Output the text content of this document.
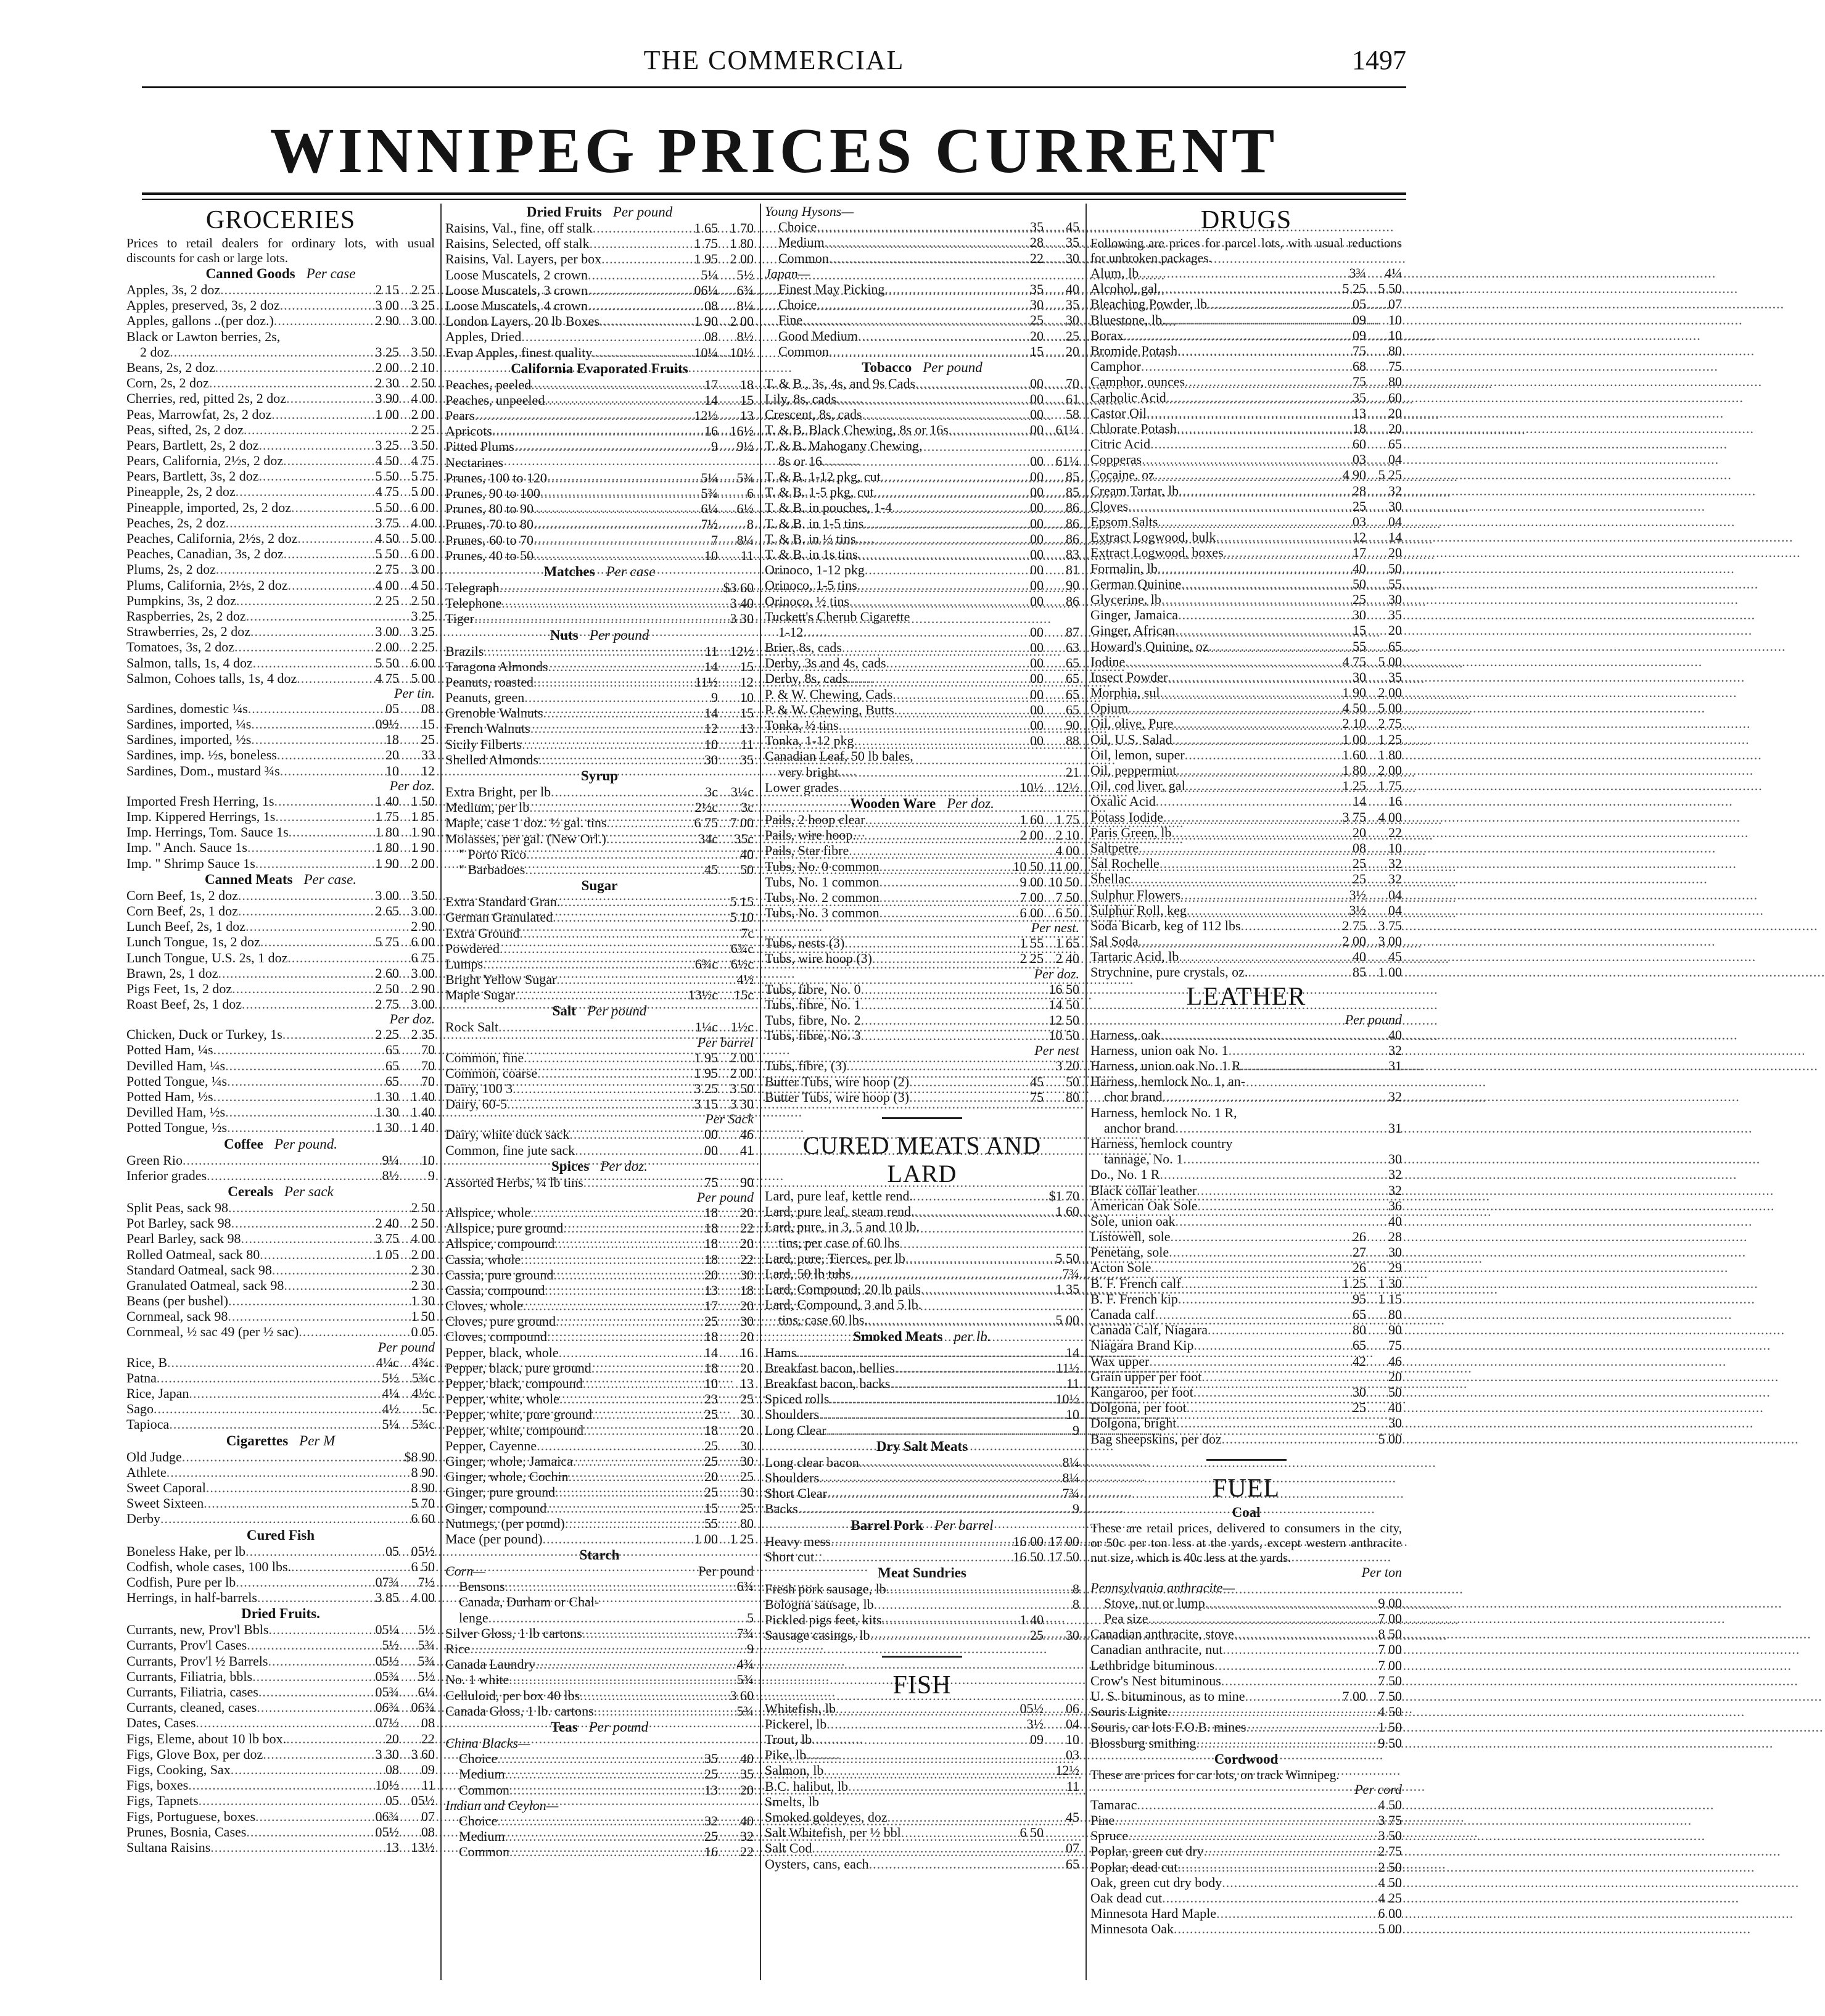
THE COMMERCIAL	1497
WINNIPEG PRICES CURRENT
GROCERIES
Prices to retail dealers for ordinary lots, with usual discounts for cash or large lots.
Canned Goods Per case
Apples, 3s, 2 doz .....	2 15 2 25
Apples, preserved, 3s, 2 doz .....	3 00 3 25
Apples, gallons ..(per doz.) .....	2 90 3 00
Black or Lawton berries, 2s,
2 doz .....	3 25 3 50
Beans, 2s, 2 doz .....	2 00 2 10
Corn, 2s, 2 doz .....	2 30 2 50
Cherries, red, pitted 2s, 2 doz .....	3 90 4 00
Peas, Marrowfat, 2s, 2 doz .....	1 00 2 00
Peas, sifted, 2s, 2 doz .....	2 25
Pears, Bartlett, 2s, 2 doz .....	3 25 3 50
Pears, California, 2½s, 2 doz .....	4 50 4 75
Pears, Bartlett, 3s, 2 doz .....	5 50 5 75
Pineapple, 2s, 2 doz .....	4 75 5 00
Pineapple, imported, 2s, 2 doz .....	5 50 6 00
Peaches, 2s, 2 doz .....	3 75 4 00
Peaches, California, 2½s, 2 doz .....	4 50 5 00
Peaches, Canadian, 3s, 2 doz .....	5 50 6 00
Plums, 2s, 2 doz .....	2 75 3 00
Plums, California, 2½s, 2 doz .....	4 00 4 50
Pumpkins, 3s, 2 doz .....	2 25 2 50
Raspberries, 2s, 2 doz .....	3 25
Strawberries, 2s, 2 doz .....	3 00 3 25
Tomatoes, 3s, 2 doz .....	2 00 2 25
Salmon, talls, 1s, 4 doz .....	5 50 6 00
Salmon, Cohoes talls, 1s, 4 doz .....	4 75 5 00
Per tin.
Sardines, domestic ¼s .....	05	08
Sardines, imported, ¼s .....	09½	15
Sardines, imported, ½s .....	18	25
Sardines, imp. ½s, boneless .....	20	33
Sardines, Dom., mustard ¾s .....	10	12
Per doz.
Imported Fresh Herring, 1s .....	1 40 1 50
Imp. Kippered Herrings, 1s .....	1 75 1 85
Imp. Herrings, Tom. Sauce 1s .....	1 80 1 90
Imp. " Anch. Sauce 1s .....	1 80 1 90
Imp. " Shrimp Sauce 1s .....	1 90 2 00
Canned Meats Per case.
Corn Beef, 1s, 2 doz .....	3 00 3 50
Corn Beef, 2s, 1 doz .....	2 65 3 00
Lunch Beef, 2s, 1 doz .....	2 90
Lunch Tongue, 1s, 2 doz .....	5 75 6 00
Lunch Tongue, U.S. 2s, 1 doz .....	6 75
Brawn, 2s, 1 doz .....	2 60 3 00
Pigs Feet, 1s, 2 doz .....	2 50 2 90
Roast Beef, 2s, 1 doz .....	2 75 3 00
Per doz.
Chicken, Duck or Turkey, 1s .....	2 25 2 35
Potted Ham, ¼s .....	65	70
Devilled Ham, ¼s .....	65	70
Potted Tongue, ¼s .....	65	70
Potted Ham, ½s .....	1 30 1 40
Devilled Ham, ½s .....	1 30 1 40
Potted Tongue, ½s .....	1 30 1 40
Coffee Per pound.
Green Rio .....	9¼	10
Inferior grades .....	8½	9
Cereals Per sack
Split Peas, sack 98 .....	2 50
Pot Barley, sack 98 .....	2 40 2 50
Pearl Barley, sack 98 .....	3 75 4 00
Rolled Oatmeal, sack 80 .....	1 05 2 00
Standard Oatmeal, sack 98 .....	2 30
Granulated Oatmeal, sack 98 .....	2 30
Beans (per bushel) .....	1 30
Cornmeal, sack 98 .....	1 50
Cornmeal, ½ sac 49 (per ½ sac) .....	0 05
Per pound
Rice, B .....	4¼c 4¾c
Patna .....	5½ 5¾c
Rice, Japan .....	4¼ 4½c
Sago .....	4½	5c
Tapioca .....	5¼ 5¾c
Cigarettes Per M
Old Judge .....	$8 90
Athlete .....	8 90
Sweet Caporal .....	8 90
Sweet Sixteen .....	5 70
Derby .....	6 60
Cured Fish
Boneless Hake, per lb .....	05 05½
Codfish, whole cases, 100 lbs. .....	6 50
Codfish, Pure per lb .....	07¾	7½
Herrings, in half-barrels .....	3 85 4 00
Dried Fruits.
Currants, new, Prov'l Bbls .....	05¼	5½
Currants, Prov'l Cases .....	5½	5¾
Currants, Prov'l ½ Barrels .....	05½	5¾
Currants, Filiatria, bbls .....	05¾	5½
Currants, Filiatria, cases .....	05¾	6¼
Currants, cleaned, cases .....	06¾ 06¾
Dates, Cases .....	07½	08
Figs, Eleme, about 10 lb box. .....	20	22
Figs, Glove Box, per doz .....	3 30 3 60
Figs, Cooking, Sax .....	08	09
Figs, boxes .....	10½	11
Figs, Tapnets .....	05 05½
Figs, Portuguese, boxes .....	06¾	07
Prunes, Bosnia, Cases .....	05½	08
Sultana Raisins .....	13 13½
Dried Fruits Per pound
Raisins, Val., fine, off stalk .....	1 65 1 70
Raisins, Selected, off stalk .....	1 75 1 80
Raisins, Val. Layers, per box .....	1 95 2 00
Loose Muscatels, 2 crown .....	5¼	5½
Loose Muscatels, 3 crown .....	06¼	6¾
Loose Muscatels, 4 crown .....	08	8¼
London Layers, 20 lb Boxes .....	1 90 2 00
Apples, Dried .....	08	8½
Evap Apples, finest quality .....	10¼ 10½
California Evaporated Fruits
Peaches, peeled .....	17	18
Peaches, unpeeled .....	14	15
Pears .....	12½	13
Apricots .....	16 16½
Pitted Plums .....	9	9½
Nectarines
Prunes, 100 to 120 .....	5¼	5¾
Prunes, 90 to 100 .....	5¾	6
Prunes, 80 to 90 .....	6¼	6½
Prunes, 70 to 80 .....	7½	8
Prunes, 60 to 70 .....	7	8¼
Prunes, 40 to 50 .....	10	11
Matches Per case
Telegraph .....	$3 60
Telephone .....	3 40
Tiger .....	3 30
Nuts Per pound
Brazils .....	11 12½
Taragona Almonds .....	14	15
Peanuts, roasted .....	11½	12
Peanuts, green .....	9	10
Grenoble Walnuts .....	14	15
French Walnuts .....	12	13
Sicily Filberts .....	10	11
Shelled Almonds .....	30	35
Syrup
Extra Bright, per lb .....	3c 3¼c
Medium, per lb .....	2½c	3c
Maple, case 1 doz. ½ gal. tins .....	6 75 7 00
Molasses, per gal. (New Orl.) .....	34c	35c
" Porto Rico .....	40
" Barbadoes .....	45	50
Sugar
Extra Standard Gran. .....	5 15
German Granulated .....	5 10
Extra Ground .....	7c
Powdered .....	6¾c
Lumps .....	6¾c 6½c
Bright Yellow Sugar .....	4½
Maple Sugar .....	13½c	15c
Salt Per pound
Rock Salt .....	1¼c 1½c
Per barrel
Common, fine .....	1 95 2 00
Common, coarse .....	1 95 2 00
Dairy, 100 3 .....	3 25 3 50
Dairy, 60-5 .....	3 15 3 30
Per Sack
Dairy, white duck sack .....	00	46
Common, fine jute sack .....	00	41
Spices Per doz.
Assorted Herbs, ¼ lb tins .....	75	90
Per pound
Allspice, whole .....	18	20
Allspice, pure ground .....	18	22
Allspice, compound .....	18	20
Cassia, whole .....	18	22
Cassia, pure ground .....	20	30
Cassia, compound .....	13	18
Cloves, whole .....	17	20
Cloves, pure ground .....	25	30
Cloves, compound .....	18	20
Pepper, black, whole .....	14	16
Pepper, black, pure ground .....	18	20
Pepper, black, compound .....	10	13
Pepper, white, whole .....	23	25
Pepper, white, pure ground .....	25	30
Pepper, white, compound .....	18	20
Pepper, Cayenne .....	25	30
Ginger, whole, Jamaica .....	25	30
Ginger, whole, Cochin .....	20	25
Ginger, pure ground .....	25	30
Ginger, compound .....	15	25
Nutmegs, (per pound) .....	55	80
Mace (per pound) .....	1 00 1 25
Starch
Corn—	Per pound
Bensons .....	6¾
Canada, Durham or Chal-
lenge .....	5
Silver Gloss, 1 lb cartons .....	7¾
Rice .....	9
Canada Laundry .....	4¾
No. 1 white .....	5¾
Celluloid, per box 40 lbs .....	3 60
Canada Gloss, 1 lb. cartons .....	5¾
Teas Per pound
China Blacks—
Choice .....	35	40
Medium .....	25	35
Common .....	13	20
Indian and Ceylon—
Choice .....	32	40
Medium .....	25	32
Common .....	16	22
Young Hysons—
Choice .....	35	45
Medium .....	28	35
Common .....	22	30
Japan—
Finest May Picking .....	35	40
Choice .....	30	35
Fine .....	25	30
Good Medium .....	20	25
Common .....	15	20
Tobacco Per pound
T. & B., 3s, 4s, and 9s Cads .....	00	70
Lily, 8s, cads .....	00	61
Crescent, 8s, cads .....	00	58
T. & B. Black Chewing, 8s or 16s .....	00 61¼
T. & B. Mahogany Chewing,
8s or 16 .....	00 61¼
T. & B. 1-12 pkg, cut .....	00	85
T. & B. 1-5 pkg, cut .....	00	85
T. & B. in pouches, 1-4 .....	00	86
T. & B. in 1-5 tins .....	00	86
T. & B. in ½ tins .....	00	86
T. & B. in 1s tins .....	00	83
Orinoco, 1-12 pkg .....	00	81
Orinoco, 1-5 tins .....	00	90
Orinoco, ½ tins .....	00	86
Tuckett's Cherub Cigarette
1-12 .....	00	87
Brier, 8s, cads .....	00	63
Derby, 3s and 4s, cads .....	00	65
Derby, 8s, cads .....	00	65
P. & W. Chewing, Cads .....	00	65
P. & W. Chewing, Butts .....	00	65
Tonka, ½ tins .....	00	90
Tonka, 1-12 pkg .....	00	88
Canadian Leaf, 50 lb bales,
very bright .....	21
Lower grades .....	10½ 12½
Wooden Ware Per doz.
Pails, 2 hoop clear .....	1 60 1 75
Pails, wire hoop. .....	2 00 2 10
Pails, Star fibre .....	4 00
Tubs, No. 0 common .....	10 50 11 00
Tubs, No. 1 common .....	9 00 10 50
Tubs, No. 2 common .....	7 00 7 50
Tubs, No. 3 common .....	6 00 6 50
Per nest.
Tubs, nests (3) .....	1 55 1 65
Tubs, wire hoop (3) .....	2 25 2 40
Per doz.
Tubs, fibre, No. 0 .....	16 50
Tubs, fibre, No. 1 .....	14 50
Tubs, fibre, No. 2 .....	12 50
Tubs, fibre, No. 3 .....	10 50
Per nest
Tubs, fibre, (3) .....	3 20
Butter Tubs, wire hoop (2) .....	45	50
Butter Tubs, wire hoop (3) .....	75	80
CURED MEATS AND LARD
Lard, pure leaf, kettle rend. .....	$1 70
Lard, pure leaf, steam rend. .....	1 60
Lard, pure, in 3, 5 and 10 lb.
tins, per case of 60 lbs
Lard, pure, Tierces, per lb .....	5 50
Lard, 50 lb tubs .....	7¾
Lard, Compound, 20 lb pails .....	1 35
Lard, Compound, 3 and 5 lb.
tins, case 60 lbs. .....	5 00
Smoked Meats per lb.
Hams .....	14
Breakfast bacon, bellies .....	11½
Breakfast bacon, backs .....	11
Spiced rolls .....	10½
Shoulders .....	10
Long Clear .....	9
Dry Salt Meats
Long clear bacon .....	8¼
Shoulders .....	8¼
Short Clear .....	7¾
Backs .....	9
Barrel Pork Per barrel
Heavy mess .....	16 00 17 00
Short cut .....	16 50 17 50
Meat Sundries
Fresh pork sausage, lb .....	8
Bologna sausage, lb .....	8
Pickled pigs feet, kits .....	1 40
Sausage casings, lb .....	25	30
FISH
Whitefish, lb .....	05½	06
Pickerel, lb .....	3½	04
Trout, lb .....	09	10
Pike, lb .....	03
Salmon, lb .....	12½
B.C. halibut, lb .....	11
Smelts, lb
Smoked goldeyes, doz .....	45
Salt Whitefish, per ½ bbl .....	6 50
Salt Cod .....	07
Oysters, cans, each .....	65
DRUGS
Following are prices for parcel lots, with usual reductions for unbroken packages.
Alum, lb .....	3¾	4¼
Alcohol, gal. .....	5 25 5 50
Bleaching Powder, lb .....	05	07
Bluestone, lb. .....	09	10
Borax .....	09	10
Bromide Potash .....	75	80
Camphor .....	68	75
Camphor, ounces .....	75	80
Carbolic Acid .....	35	60
Castor Oil .....	13	20
Chlorate Potash .....	18	20
Citric Acid .....	60	65
Copperas .....	03	04
Cocaine, oz .....	4 90 5 25
Cream Tartar, lb .....	28	32
Cloves .....	25	30
Epsom Salts .....	03	04
Extract Logwood, bulk .....	12	14
Extract Logwood, boxes .....	17	20
Formalin, lb .....	40	50
German Quinine .....	50	55
Glycerine, lb .....	25	30
Ginger, Jamaica .....	30	35
Ginger, African .....	15	20
Howard's Quinine, oz .....	55	65
Iodine .....	4 75 5 00
Insect Powder .....	30	35
Morphia, sul .....	1 90 2 00
Opium .....	4 50 5 00
Oil, olive, Pure .....	2 10 2 75
Oil, U.S. Salad .....	1 00 1 25
Oil, lemon, super .....	1 60 1 80
Oil, peppermint .....	1 80 2 00
Oil, cod liver, gal .....	1 25 1 75
Oxalic Acid .....	14	16
Potass Iodide .....	3 75 4 00
Paris Green, lb .....	20	22
Saltpetre .....	08	10
Sal Rochelle .....	25	32
Shellac .....	25	32
Sulphur Flowers .....	3½	04
Sulphur Roll, keg .....	3½	04
Soda Bicarb, keg of 112 lbs .....	2 75 3 75
Sal Soda .....	2 00 3 00
Tartaric Acid, lb .....	40	45
Strychnine, pure crystals, oz. .....	85 1 00
LEATHER
Per pound
Harness, oak .....	40
Harness, union oak No. 1 .....	32
Harness, union oak No. 1 R .....	31
Harness, hemlock No. 1, an-
chor brand .....	32
Harness, hemlock No. 1 R,
anchor brand .....	31
Harness, hemlock country
tannage, No. 1 .....	30
Do., No. 1 R .....	32
Black collar leather .....	32
American Oak Sole .....	36
Sole, union oak .....	40
Listowell, sole .....	26	28
Penetang, sole .....	27	30
Acton Sole .....	26	29
B. F. French calf .....	1 25 1 30
B. F. French kip .....	95 1 15
Canada calf .....	65	80
Canada Calf, Niagara .....	80	90
Niagara Brand Kip .....	65	75
Wax upper .....	42	46
Grain upper per foot .....	20
Kangaroo, per foot .....	30	50
Dolgona, per foot .....	25	40
Dolgona, bright .....	30
Bag sheepskins, per doz .....	5 00
FUEL
Coal
These are retail prices, delivered to consumers in the city, or 50c per ton less at the yards, except western anthracite nut size, which is 40c less at the yards.
Per ton
Pennsylvania anthracite—
Stove, nut or lump .....	9 00
Pea size .....	7 00
Canadian anthracite, stove .....	8 50
Canadian anthracite, nut .....	7 00
Lethbridge bituminous .....	7 00
Crow's Nest bituminous .....	7 50
U. S. bituminous, as to mine .....	7 00 7 50
Souris Lignite .....	4 50
Souris, car lots F.O.B. mines .....	1 50
Blossburg smithing .....	9 50
Cordwood
These are prices for car lots, on track Winnipeg.
Per cord
Tamarac .....	4 50
Pine .....	3 75
Spruce .....	3 50
Poplar, green cut dry .....	2 75
Poplar, dead cut .....	2 50
Oak, green cut dry body .....	4 50
Oak dead cut .....	4 25
Minnesota Hard Maple .....	6 00
Minnesota Oak .....	5 00
